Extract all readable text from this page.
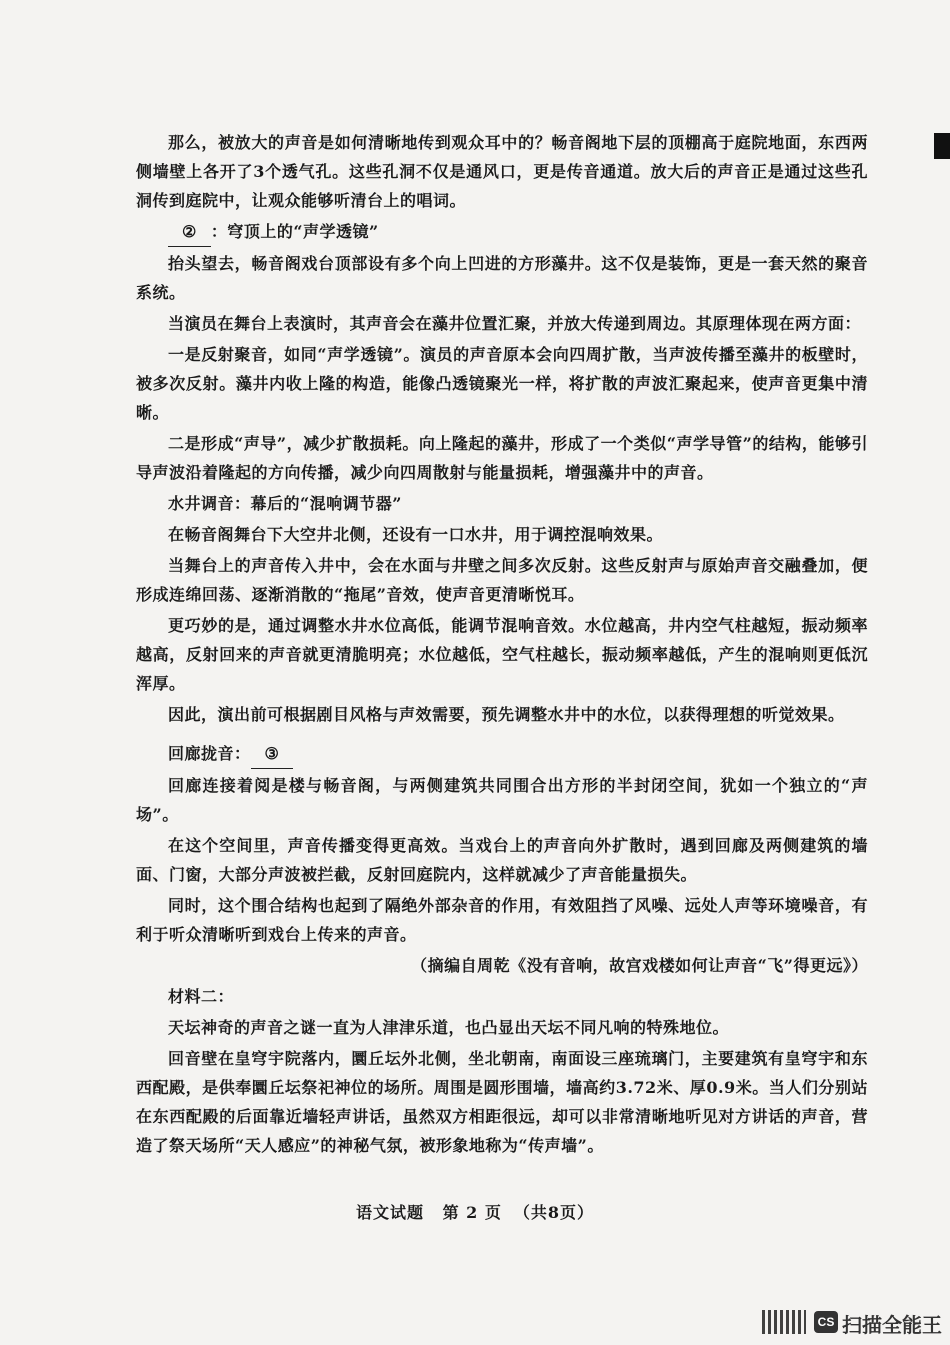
那么，被放大的声音是如何清晰地传到观众耳中的？畅音阁地下层的顶棚高于庭院地面，东西两侧墙壁上各开了3个透气孔。这些孔洞不仅是通风口，更是传音通道。放大后的声音正是通过这些孔洞传到庭院中，让观众能够听清台上的唱词。

② ：穹顶上的“声学透镜”

抬头望去，畅音阁戏台顶部设有多个向上凹进的方形藻井。这不仅是装饰，更是一套天然的聚音系统。

当演员在舞台上表演时，其声音会在藻井位置汇聚，并放大传递到周边。其原理体现在两方面：

一是反射聚音，如同“声学透镜”。演员的声音原本会向四周扩散，当声波传播至藻井的板壁时，被多次反射。藻井内收上隆的构造，能像凸透镜聚光一样，将扩散的声波汇聚起来，使声音更集中清晰。

二是形成“声导”，减少扩散损耗。向上隆起的藻井，形成了一个类似“声学导管”的结构，能够引导声波沿着隆起的方向传播，减少向四周散射与能量损耗，增强藻井中的声音。

水井调音：幕后的“混响调节器”

在畅音阁舞台下大空井北侧，还设有一口水井，用于调控混响效果。

当舞台上的声音传入井中，会在水面与井壁之间多次反射。这些反射声与原始声音交融叠加，便形成连绵回荡、逐渐消散的“拖尾”音效，使声音更清晰悦耳。

更巧妙的是，通过调整水井水位高低，能调节混响音效。水位越高，井内空气柱越短，振动频率越高，反射回来的声音就更清脆明亮；水位越低，空气柱越长，振动频率越低，产生的混响则更低沉浑厚。

因此，演出前可根据剧目风格与声效需要，预先调整水井中的水位，以获得理想的听觉效果。

回廊拢音： ③

回廊连接着阅是楼与畅音阁，与两侧建筑共同围合出方形的半封闭空间，犹如一个独立的“声场”。

在这个空间里，声音传播变得更高效。当戏台上的声音向外扩散时，遇到回廊及两侧建筑的墙面、门窗，大部分声波被拦截，反射回庭院内，这样就减少了声音能量损失。

同时，这个围合结构也起到了隔绝外部杂音的作用，有效阻挡了风噪、远处人声等环境噪音，有利于听众清晰听到戏台上传来的声音。

（摘编自周乾《没有音响，故宫戏楼如何让声音“飞”得更远》）

材料二：

天坛神奇的声音之谜一直为人津津乐道，也凸显出天坛不同凡响的特殊地位。

回音壁在皇穹宇院落内，圜丘坛外北侧，坐北朝南，南面设三座琉璃门，主要建筑有皇穹宇和东西配殿，是供奉圜丘坛祭祀神位的场所。周围是圆形围墙，墙高约3.72米、厚0.9米。当人们分别站在东西配殿的后面靠近墙轻声讲话，虽然双方相距很远，却可以非常清晰地听见对方讲话的声音，营造了祭天场所“天人感应”的神秘气氛，被形象地称为“传声墙”。

语文试题 第 2 页 （共8页）
CS 扫描全能王
